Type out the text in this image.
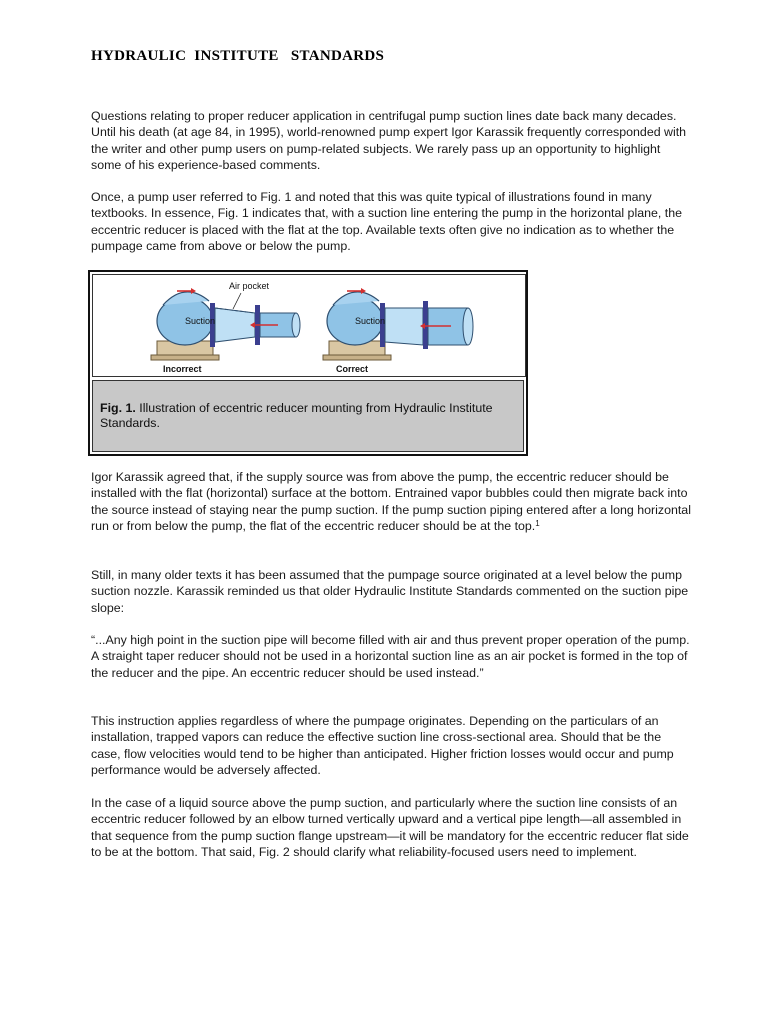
HYDRAULIC  INSTITUTE   STANDARDS
Questions relating to proper reducer application in centrifugal pump suction lines date back many decades. Until his death (at age 84, in 1995), world-renowned pump expert Igor Karassik frequently corresponded with the writer and other pump users on pump-related subjects. We rarely pass up an opportunity to highlight some of his experience-based comments.
Once, a pump user referred to Fig. 1 and noted that this was quite typical of illustrations found in many textbooks. In essence, Fig. 1 indicates that, with a suction line entering the pump in the horizontal plane, the eccentric reducer is placed with the flat at the top. Available texts often give no indication as to whether the pumpage came from above or below the pump.
Air pocket
Suction
Incorrect
Suction
Correct
Fig. 1. Illustration of eccentric reducer mounting from Hydraulic Institute Standards.
Igor Karassik agreed that, if the supply source was from above the pump, the eccentric reducer should be installed with the flat (horizontal) surface at the bottom. Entrained vapor bubbles could then migrate back into the source instead of staying near the pump suction. If the pump suction piping entered after a long horizontal run or from below the pump, the flat of the eccentric reducer should be at the top.$^1$
Still, in many older texts it has been assumed that the pumpage source originated at a level below the pump suction nozzle. Karassik reminded us that older Hydraulic Institute Standards commented on the suction pipe slope:
“...Any high point in the suction pipe will become filled with air and thus prevent proper operation of the pump. A straight taper reducer should not be used in a horizontal suction line as an air pocket is formed in the top of the reducer and the pipe. An eccentric reducer should be used instead.”
This instruction applies regardless of where the pumpage originates. Depending on the particulars of an installation, trapped vapors can reduce the effective suction line cross-sectional area. Should that be the case, flow velocities would tend to be higher than anticipated. Higher friction losses would occur and pump performance would be adversely affected.
In the case of a liquid source above the pump suction, and particularly where the suction line consists of an eccentric reducer followed by an elbow turned vertically upward and a vertical pipe length—all assembled in that sequence from the pump suction flange upstream—it will be mandatory for the eccentric reducer flat side to be at the bottom. That said, Fig. 2 should clarify what reliability-focused users need to implement.
